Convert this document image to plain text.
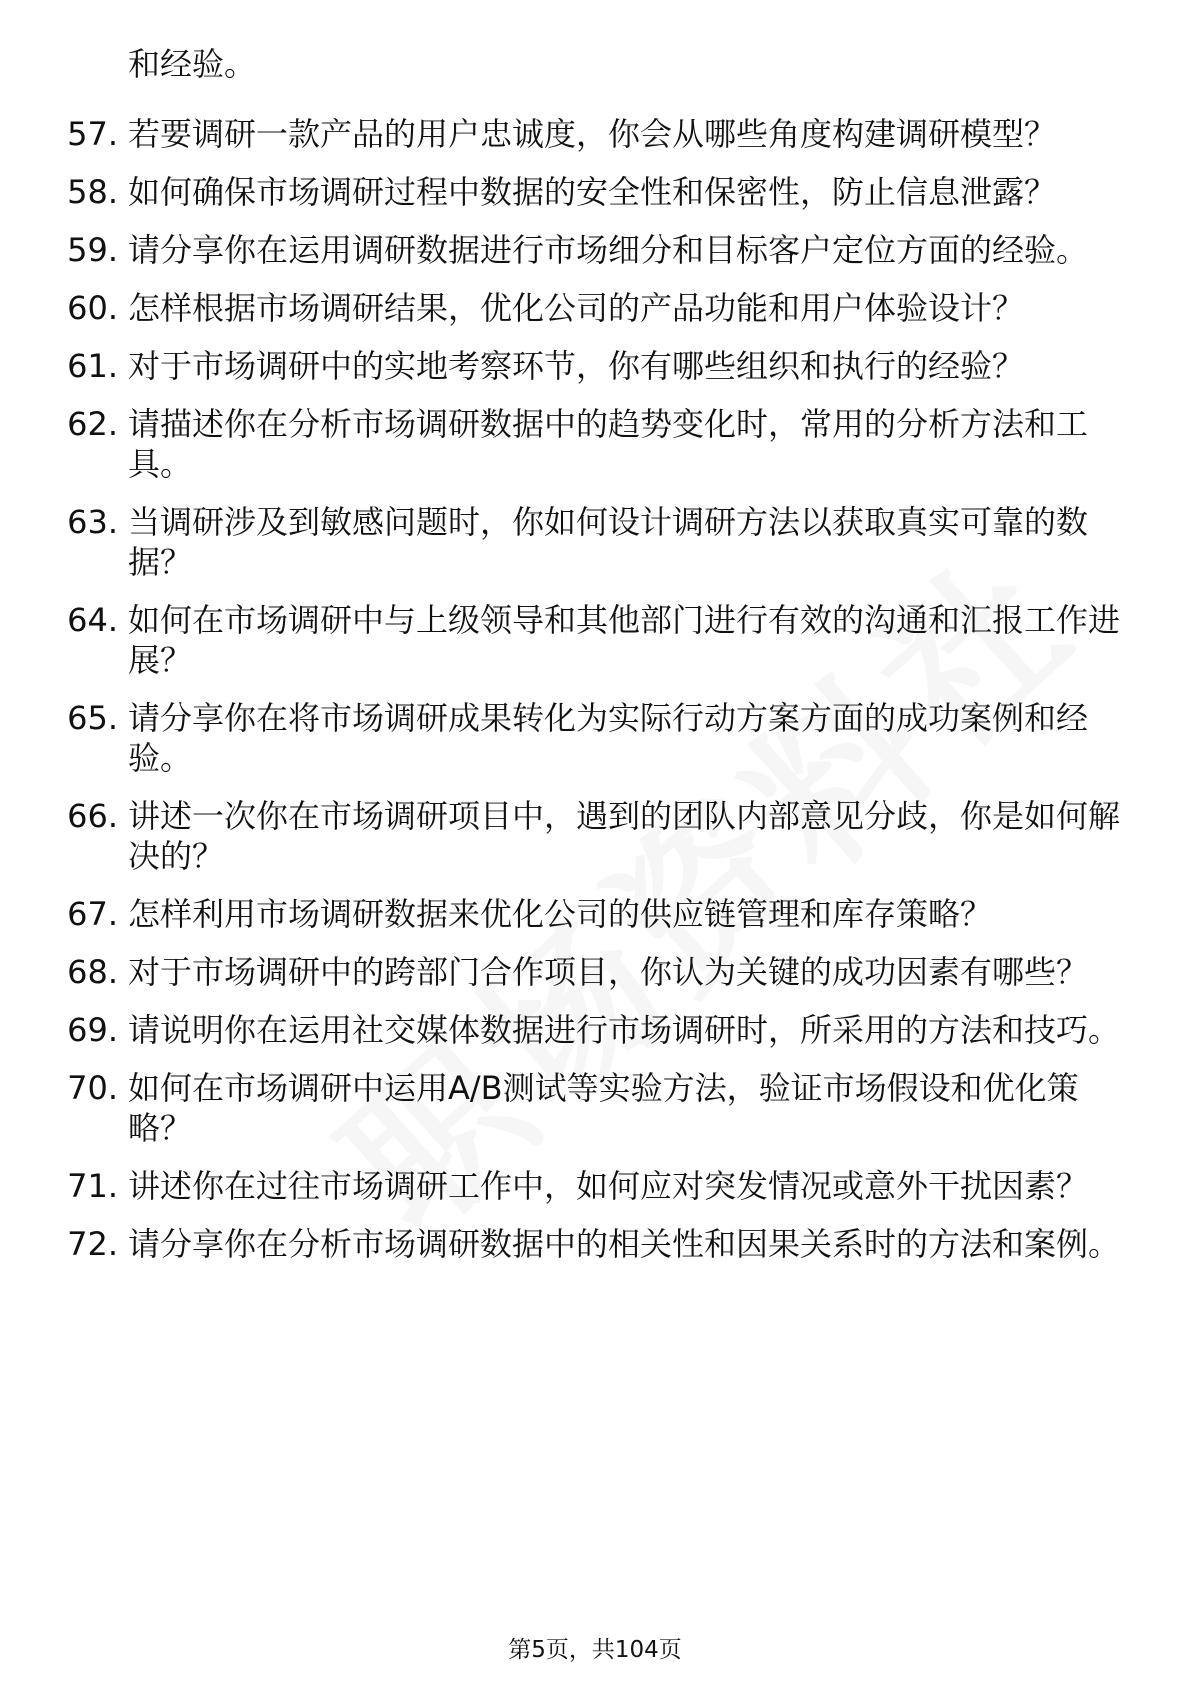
和经验。
57. 若要调研一款产品的用户忠诚度，你会从哪些角度构建调研模型？
58. 如何确保市场调研过程中数据的安全性和保密性，防止信息泄露？
59. 请分享你在运用调研数据进行市场细分和目标客户定位方面的经验。
60. 怎样根据市场调研结果，优化公司的产品功能和用户体验设计？
61. 对于市场调研中的实地考察环节，你有哪些组织和执行的经验？
62. 请描述你在分析市场调研数据中的趋势变化时，常用的分析方法和工具。
63. 当调研涉及到敏感问题时，你如何设计调研方法以获取真实可靠的数据？
64. 如何在市场调研中与上级领导和其他部门进行有效的沟通和汇报工作进展？
65. 请分享你在将市场调研成果转化为实际行动方案方面的成功案例和经验。
66. 讲述一次你在市场调研项目中，遇到的团队内部意见分歧，你是如何解决的？
67. 怎样利用市场调研数据来优化公司的供应链管理和库存策略？
68. 对于市场调研中的跨部门合作项目，你认为关键的成功因素有哪些？
69. 请说明你在运用社交媒体数据进行市场调研时，所采用的方法和技巧。
70. 如何在市场调研中运用A/B测试等实验方法，验证市场假设和优化策略？
71. 讲述你在过往市场调研工作中，如何应对突发情况或意外干扰因素？
72. 请分享你在分析市场调研数据中的相关性和因果关系时的方法和案例。
第5页，共104页
